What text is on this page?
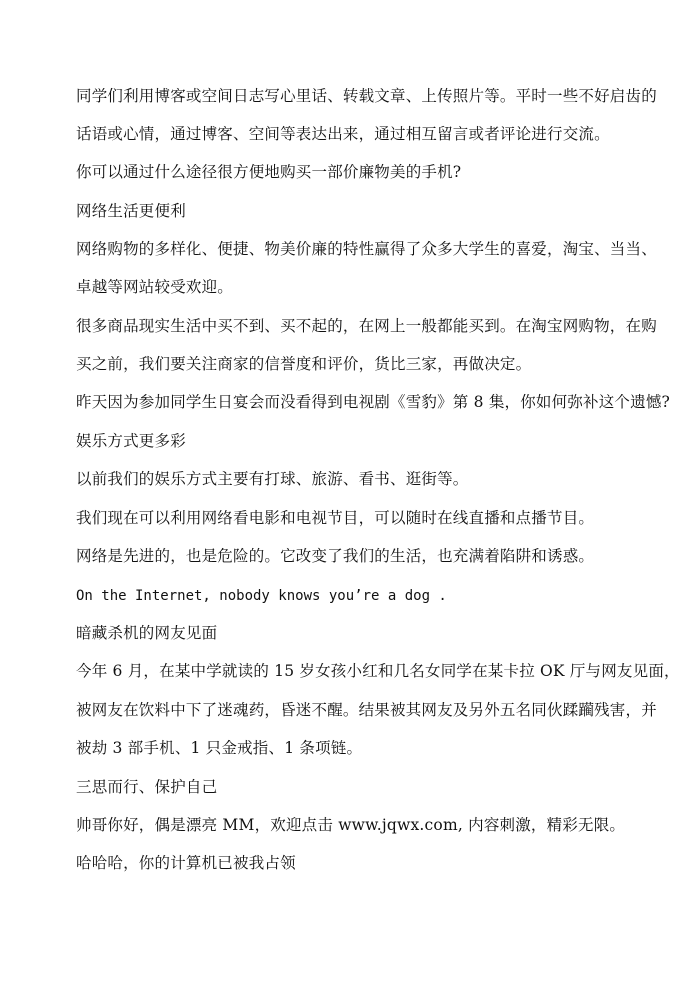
同学们利用博客或空间日志写心里话、转载文章、上传照片等。平时一些不好启齿的
话语或心情，通过博客、空间等表达出来，通过相互留言或者评论进行交流。
你可以通过什么途径很方便地购买一部价廉物美的手机?
网络生活更便利
网络购物的多样化、便捷、物美价廉的特性赢得了众多大学生的喜爱，淘宝、当当、
卓越等网站较受欢迎。
很多商品现实生活中买不到、买不起的，在网上一般都能买到。在淘宝网购物，在购
买之前，我们要关注商家的信誉度和评价，货比三家，再做决定。
昨天因为参加同学生日宴会而没看得到电视剧《雪豹》第 8 集，你如何弥补这个遗憾?
娱乐方式更多彩
以前我们的娱乐方式主要有打球、旅游、看书、逛街等。
我们现在可以利用网络看电影和电视节目，可以随时在线直播和点播节目。
网络是先进的，也是危险的。它改变了我们的生活，也充满着陷阱和诱惑。
On the Internet, nobody knows you’re a dog .
暗藏杀机的网友见面
今年 6 月，在某中学就读的 15 岁女孩小红和几名女同学在某卡拉 OK 厅与网友见面，
被网友在饮料中下了迷魂药，昏迷不醒。结果被其网友及另外五名同伙蹂躏残害，并
被劫 3 部手机、1 只金戒指、1 条项链。
三思而行、保护自己
帅哥你好，偶是漂亮 MM，欢迎点击 www.jqwx.com, 内容刺激，精彩无限。
哈哈哈，你的计算机已被我占领
